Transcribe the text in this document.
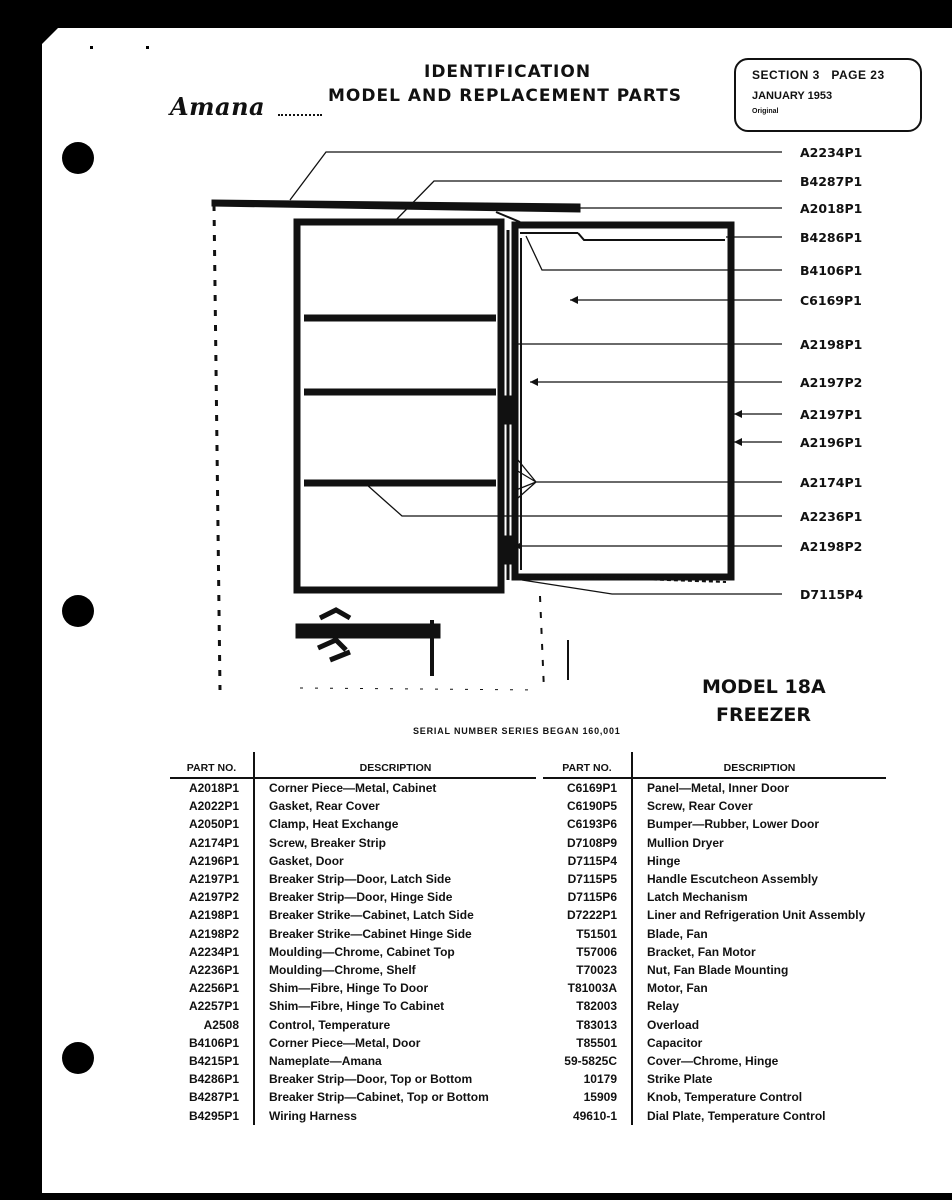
Amana
IDENTIFICATION
MODEL AND REPLACEMENT PARTS
SECTION 3   PAGE 23
JANUARY 1953
Original
A2234P1
B4287P1
A2018P1
B4286P1
B4106P1
C6169P1
A2198P1
A2197P2
A2197P1
A2196P1
A2174P1
A2236P1
A2198P2
D7115P4
MODEL 18A
FREEZER
SERIAL NUMBER SERIES BEGAN 160,001
PART NO.	DESCRIPTION
A2018P1	Corner Piece—Metal, Cabinet
A2022P1	Gasket, Rear Cover
A2050P1	Clamp, Heat Exchange
A2174P1	Screw, Breaker Strip
A2196P1	Gasket, Door
A2197P1	Breaker Strip—Door, Latch Side
A2197P2	Breaker Strip—Door, Hinge Side
A2198P1	Breaker Strike—Cabinet, Latch Side
A2198P2	Breaker Strike—Cabinet Hinge Side
A2234P1	Moulding—Chrome, Cabinet Top
A2236P1	Moulding—Chrome, Shelf
A2256P1	Shim—Fibre, Hinge To Door
A2257P1	Shim—Fibre, Hinge To Cabinet
A2508	Control, Temperature
B4106P1	Corner Piece—Metal, Door
B4215P1	Nameplate—Amana
B4286P1	Breaker Strip—Door, Top or Bottom
B4287P1	Breaker Strip—Cabinet, Top or Bottom
B4295P1	Wiring Harness
PART NO.	DESCRIPTION
C6169P1	Panel—Metal, Inner Door
C6190P5	Screw, Rear Cover
C6193P6	Bumper—Rubber, Lower Door
D7108P9	Mullion Dryer
D7115P4	Hinge
D7115P5	Handle Escutcheon Assembly
D7115P6	Latch Mechanism
D7222P1	Liner and Refrigeration Unit Assembly
T51501	Blade, Fan
T57006	Bracket, Fan Motor
T70023	Nut, Fan Blade Mounting
T81003A	Motor, Fan
T82003	Relay
T83013	Overload
T85501	Capacitor
59-5825C	Cover—Chrome, Hinge
10179	Strike Plate
15909	Knob, Temperature Control
49610-1	Dial Plate, Temperature Control
